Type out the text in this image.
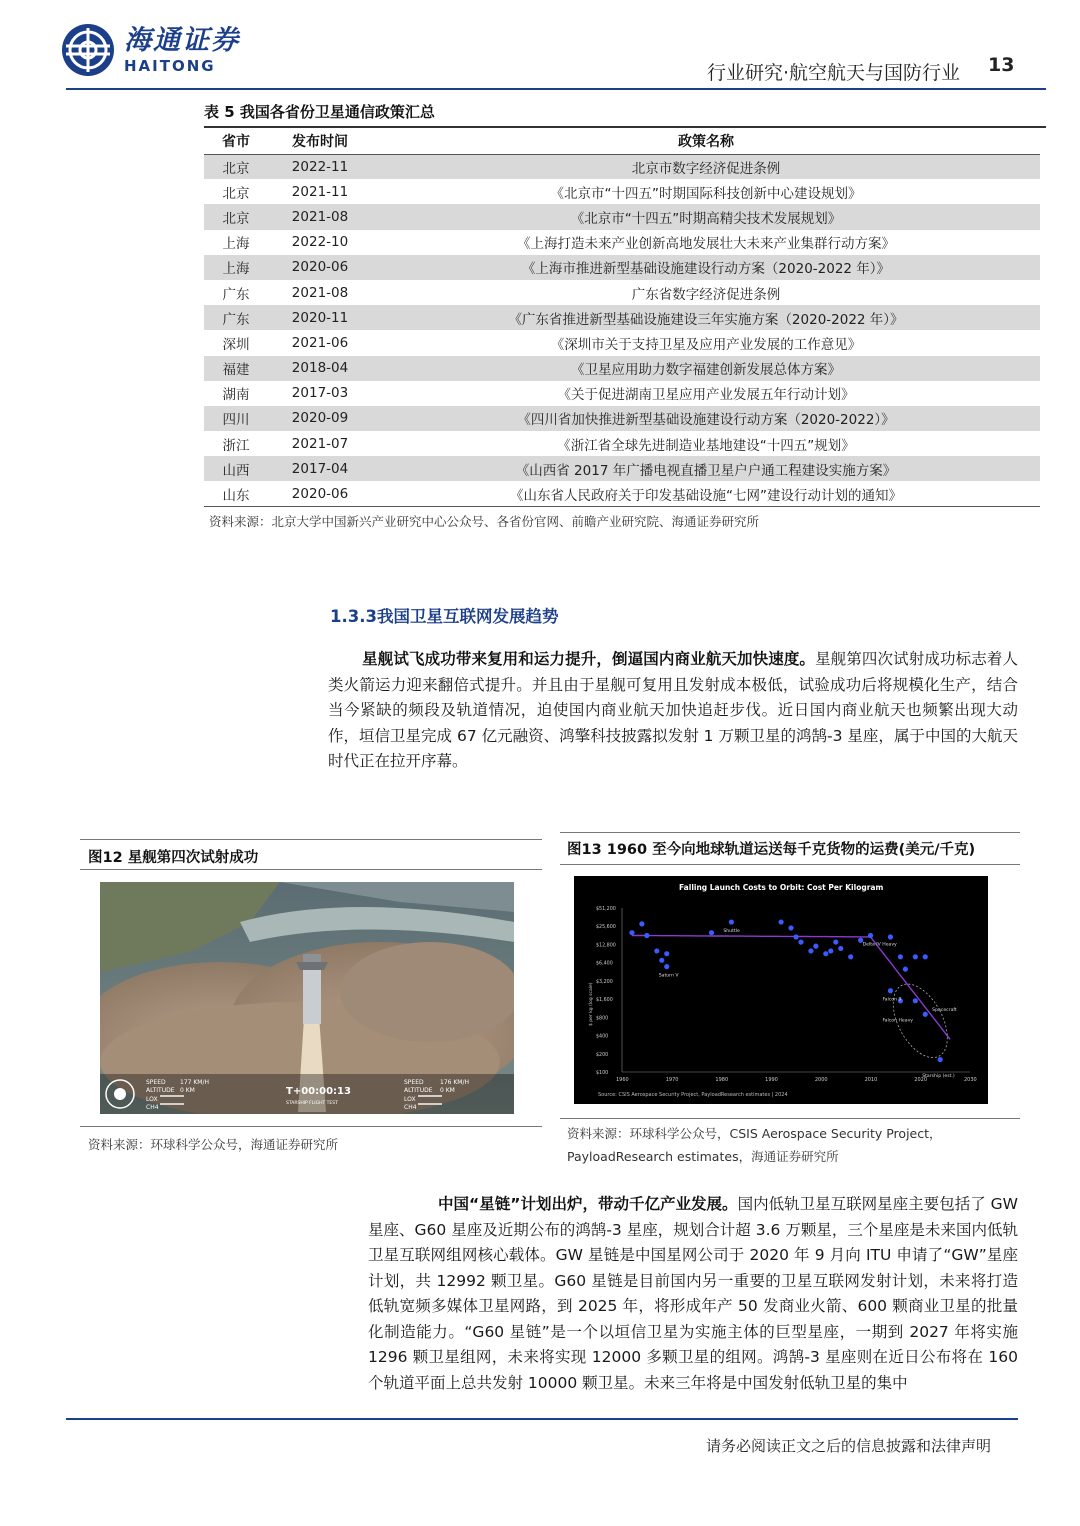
海通证券
HAITONG	行业研究·航空航天与国防行业 13
表 5 我国各省份卫星通信政策汇总
省市	发布时间	政策名称
北京	2022-11	北京市数字经济促进条例
北京	2021-11	《北京市“十四五”时期国际科技创新中心建设规划》
北京	2021-08	《北京市“十四五”时期高精尖技术发展规划》
上海	2022-10	《上海打造未来产业创新高地发展壮大未来产业集群行动方案》
上海	2020-06	《上海市推进新型基础设施建设行动方案（2020-2022 年）》
广东	2021-08	广东省数字经济促进条例
广东	2020-11	《广东省推进新型基础设施建设三年实施方案（2020-2022 年）》
深圳	2021-06	《深圳市关于支持卫星及应用产业发展的工作意见》
福建	2018-04	《卫星应用助力数字福建创新发展总体方案》
湖南	2017-03	《关于促进湖南卫星应用产业发展五年行动计划》
四川	2020-09	《四川省加快推进新型基础设施建设行动方案（2020-2022）》
浙江	2021-07	《浙江省全球先进制造业基地建设“十四五”规划》
山西	2017-04	《山西省 2017 年广播电视直播卫星户户通工程建设实施方案》
山东	2020-06	《山东省人民政府关于印发基础设施“七网”建设行动计划的通知》
资料来源：北京大学中国新兴产业研究中心公众号、各省份官网、前瞻产业研究院、海通证券研究所
1.3.3我国卫星互联网发展趋势
星舰试飞成功带来复用和运力提升，倒逼国内商业航天加快速度。星舰第四次试射成功标志着人类火箭运力迎来翻倍式提升。并且由于星舰可复用且发射成本极低，试验成功后将规模化生产，结合当今紧缺的频段及轨道情况，迫使国内商业航天加快追赶步伐。近日国内商业航天也频繁出现大动作，垣信卫星完成 67 亿元融资、鸿擎科技披露拟发射 1 万颗卫星的鸿鹄-3 星座，属于中国的大航天时代正在拉开序幕。
图12 星舰第四次试射成功
SPEED 177 KM/H
ALTITUDE 0 KM
LOX
CH4
SPEED	176 KM/H
ALTITUDE 0 KM
LOX
CH4
T+00:00:13
STARSHIP FLIGHT TEST
资料来源：环球科学公众号，海通证券研究所
图13 1960 至今向地球轨道运送每千克货物的运费(美元/千克)
Falling Launch Costs to Orbit: Cost Per Kilogram
$ per kg (log scale)
Source: CSIS Aerospace Security Project, PayloadResearch estimates | 2024
1960	1970	1980	1990	2000	2010	2020	2030
$51,200
$25,600
$12,800
$6,400
$3,200
$1,600
$800
$400
$200
$100
Shuttle
Saturn V
Delta IV Heavy
Falcon 9
Falcon Heavy
Starship (est.)
Spacecraft
资料来源：环球科学公众号，CSIS Aerospace Security Project，
PayloadResearch estimates，海通证券研究所
中国“星链”计划出炉，带动千亿产业发展。国内低轨卫星互联网星座主要包括了 GW 星座、G60 星座及近期公布的鸿鹄-3 星座，规划合计超 3.6 万颗星，三个星座是未来国内低轨卫星互联网组网核心载体。GW 星链是中国星网公司于 2020 年 9 月向 ITU 申请了“GW”星座计划，共 12992 颗卫星。G60 星链是目前国内另一重要的卫星互联网发射计划，未来将打造低轨宽频多媒体卫星网路，到 2025 年，将形成年产 50 发商业火箭、600 颗商业卫星的批量化制造能力。“G60 星链”是一个以垣信卫星为实施主体的巨型星座，一期到 2027 年将实施 1296 颗卫星组网，未来将实现 12000 多颗卫星的组网。鸿鹄-3 星座则在近日公布将在 160 个轨道平面上总共发射 10000 颗卫星。未来三年将是中国发射低轨卫星的集中
请务必阅读正文之后的信息披露和法律声明
